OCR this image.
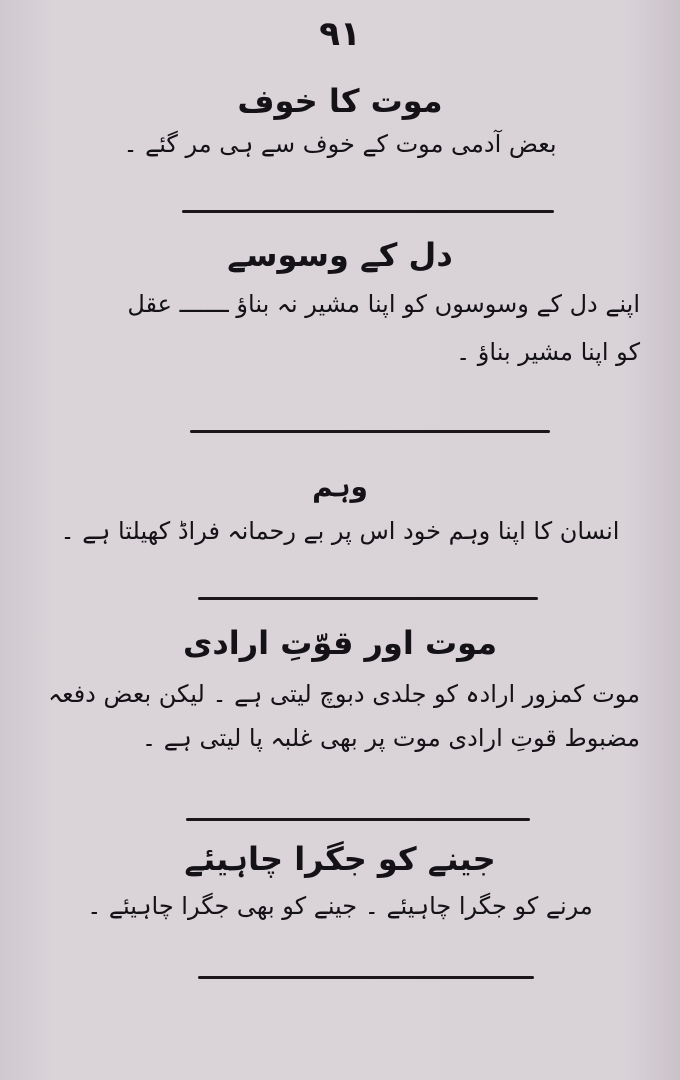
۹۱

موت کا خوف

بعض آدمی موت کے خوف سے ہی مر گئے ۔

دل کے وسوسے

اپنے دل کے وسوسوں کو اپنا مشیر نہ بناؤ ـــــــ عقل

کو اپنا مشیر بناؤ ۔

وہم

انسان کا اپنا وہم خود اس پر بے رحمانہ فراڈ کھیلتا ہے ۔

موت اور قوّتِ ارادی

موت کمزور ارادہ کو جلدی دبوچ لیتی ہے ۔ لیکن بعض دفعہ

مضبوط قوتِ ارادی موت پر بھی غلبہ پا لیتی ہے ۔

جینے کو جگرا چاہیئے

مرنے کو جگرا چاہیئے ۔ جینے کو بھی جگرا چاہیئے ۔
